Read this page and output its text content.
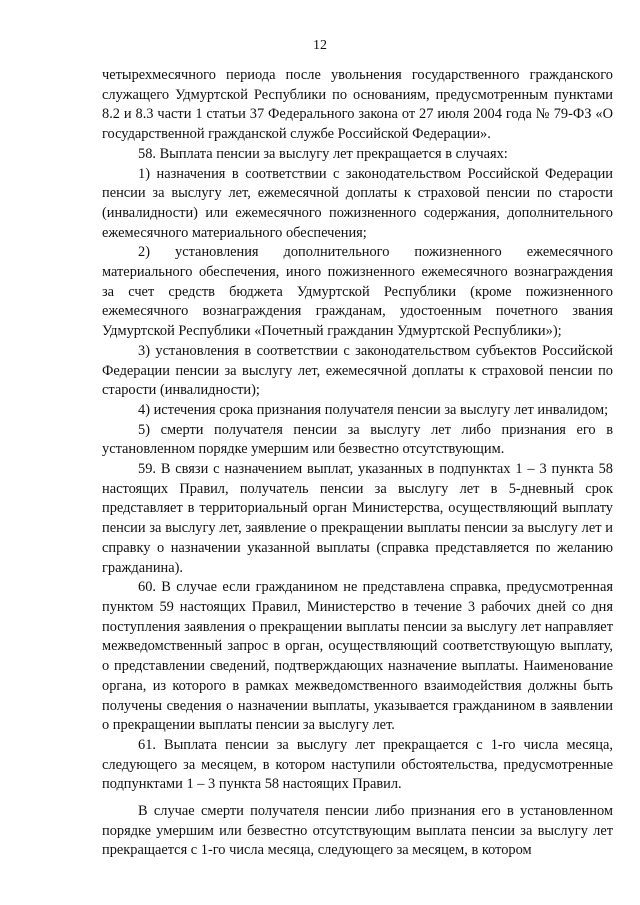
12

четырехмесячного периода после увольнения государственного гражданского служащего Удмуртской Республики по основаниям, предусмотренным пунктами 8.2 и 8.3 части 1 статьи 37 Федерального закона от 27 июля 2004 года № 79-ФЗ «О государственной гражданской службе Российской Федерации».

58. Выплата пенсии за выслугу лет прекращается в случаях:

1) назначения в соответствии с законодательством Российской Федерации пенсии за выслугу лет, ежемесячной доплаты к страховой пенсии по старости (инвалидности) или ежемесячного пожизненного содержания, дополнительного ежемесячного материального обеспечения;

2) установления дополнительного пожизненного ежемесячного материального обеспечения, иного пожизненного ежемесячного вознаграждения за счет средств бюджета Удмуртской Республики (кроме пожизненного ежемесячного вознаграждения гражданам, удостоенным почетного звания Удмуртской Республики «Почетный гражданин Удмуртской Республики»);

3) установления в соответствии с законодательством субъектов Российской Федерации пенсии за выслугу лет, ежемесячной доплаты к страховой пенсии по старости (инвалидности);

4) истечения срока признания получателя пенсии за выслугу лет инвалидом;

5) смерти получателя пенсии за выслугу лет либо признания его в установленном порядке умершим или безвестно отсутствующим.

59. В связи с назначением выплат, указанных в подпунктах 1 – 3 пункта 58 настоящих Правил, получатель пенсии за выслугу лет в 5-дневный срок представляет в территориальный орган Министерства, осуществляющий выплату пенсии за выслугу лет, заявление о прекращении выплаты пенсии за выслугу лет и справку о назначении указанной выплаты (справка представляется по желанию гражданина).

60. В случае если гражданином не представлена справка, предусмотренная пунктом 59 настоящих Правил, Министерство в течение 3 рабочих дней со дня поступления заявления о прекращении выплаты пенсии за выслугу лет направляет межведомственный запрос в орган, осуществляющий соответствующую выплату, о представлении сведений, подтверждающих назначение выплаты. Наименование органа, из которого в рамках межведомственного взаимодействия должны быть получены сведения о назначении выплаты, указывается гражданином в заявлении о прекращении выплаты пенсии за выслугу лет.

61. Выплата пенсии за выслугу лет прекращается с 1-го числа месяца, следующего за месяцем, в котором наступили обстоятельства, предусмотренные подпунктами 1 – 3 пункта 58 настоящих Правил.

В случае смерти получателя пенсии либо признания его в установленном порядке умершим или безвестно отсутствующим выплата пенсии за выслугу лет прекращается с 1-го числа месяца, следующего за месяцем, в котором
